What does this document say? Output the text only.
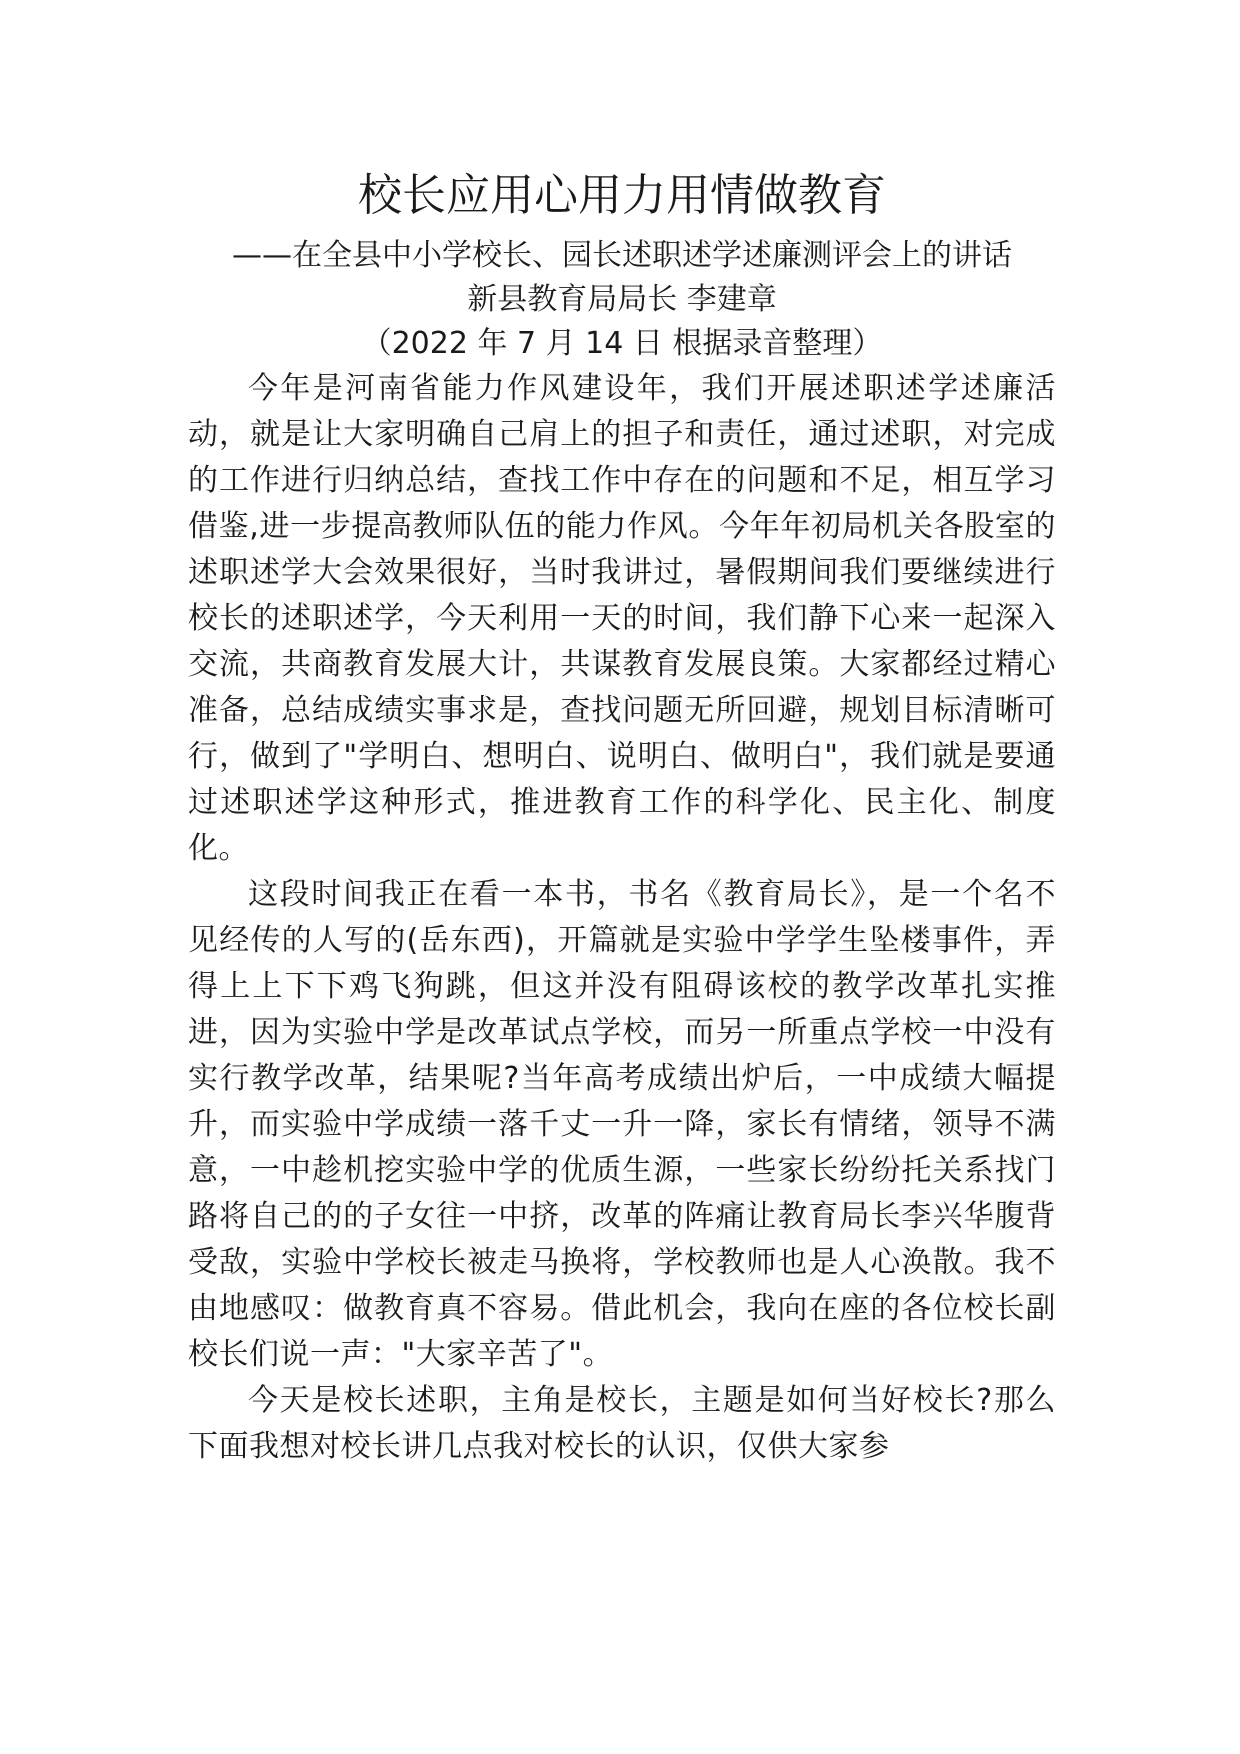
校长应用心用力用情做教育

——在全县中小学校长、园长述职述学述廉测评会上的讲话

新县教育局局长 李建章

（2022 年 7 月 14 日 根据录音整理）

今年是河南省能力作风建设年，我们开展述职述学述廉活动，就是让大家明确自己肩上的担子和责任，通过述职，对完成的工作进行归纳总结，查找工作中存在的问题和不足，相互学习借鉴,进一步提高教师队伍的能力作风。今年年初局机关各股室的述职述学大会效果很好，当时我讲过，暑假期间我们要继续进行校长的述职述学，今天利用一天的时间，我们静下心来一起深入交流，共商教育发展大计，共谋教育发展良策。大家都经过精心准备，总结成绩实事求是，查找问题无所回避，规划目标清晰可行，做到了"学明白、想明白、说明白、做明白"，我们就是要通过述职述学这种形式，推进教育工作的科学化、民主化、制度化。

这段时间我正在看一本书，书名《教育局长》，是一个名不见经传的人写的(岳东西)，开篇就是实验中学学生坠楼事件，弄得上上下下鸡飞狗跳，但这并没有阻碍该校的教学改革扎实推进，因为实验中学是改革试点学校，而另一所重点学校一中没有实行教学改革，结果呢?当年高考成绩出炉后，一中成绩大幅提升，而实验中学成绩一落千丈一升一降，家长有情绪，领导不满意，一中趁机挖实验中学的优质生源，一些家长纷纷托关系找门路将自己的的子女往一中挤，改革的阵痛让教育局长李兴华腹背受敌，实验中学校长被走马换将，学校教师也是人心涣散。我不由地感叹：做教育真不容易。借此机会，我向在座的各位校长副校长们说一声："大家辛苦了"。

今天是校长述职，主角是校长，主题是如何当好校长?那么下面我想对校长讲几点我对校长的认识，仅供大家参
